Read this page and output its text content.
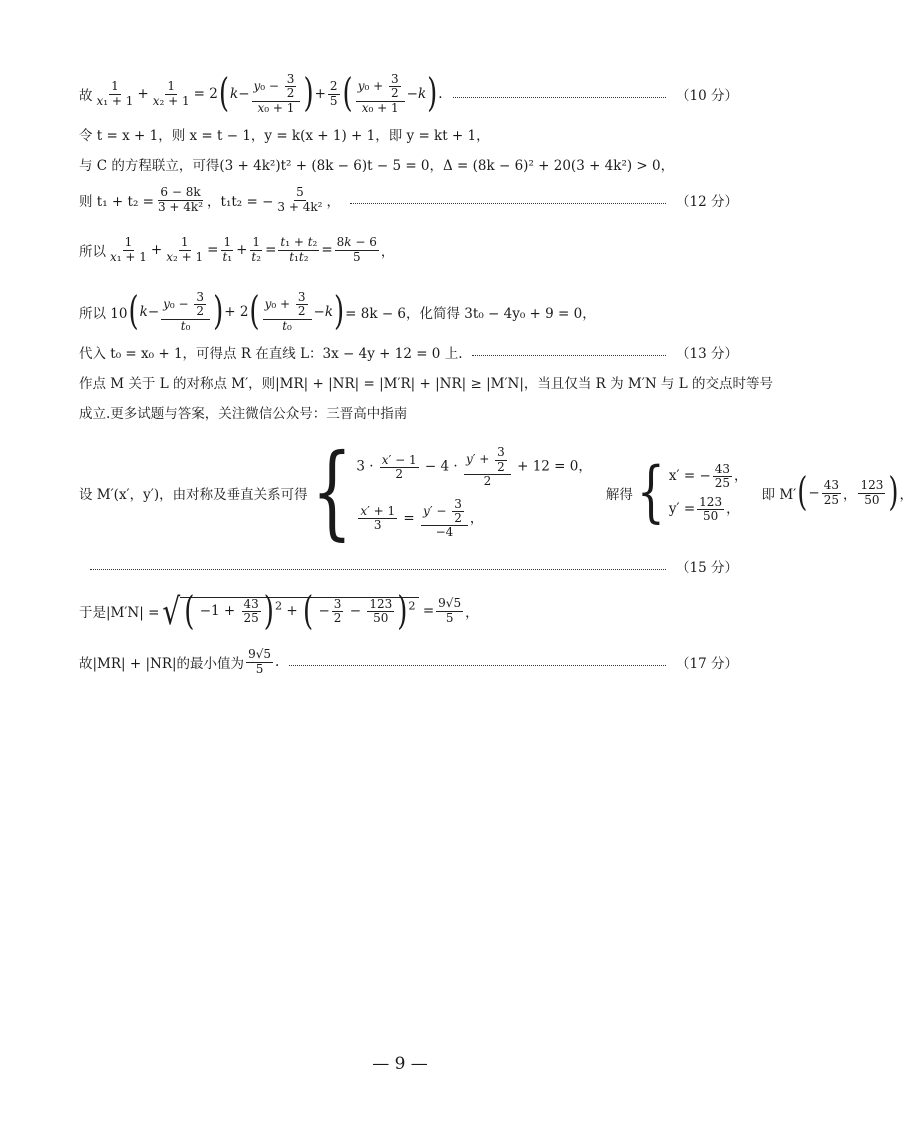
故 $\frac{1}{\text{x₁ + 1}} + \frac{1}{\text{x₂ + 1}} = 2$ ( $k - \frac{y_0 - \frac{3}{2}}{\text{x₀ + 1}}$ ) + $\frac{2}{5}$ ( $\frac{y_0 + \frac{3}{2}}{\text{x₀ + 1}} - k$ ) .	（10 分）
令 t = x + 1，则 x = t − 1，y = k(x + 1) + 1，即 y = kt + 1，
与 C 的方程联立，可得(3 + 4k²)t² + (8k − 6)t − 5 = 0，Δ = (8k − 6)² + 20(3 + 4k²) > 0，
则 $t_1 + t_2 = \frac{6 - 8k}{\text{3 + 4k²}}$ ，t₁t₂ = − $\frac{5}{\text{3 + 4k²}}$ ，	（12 分）
所以 $\frac{1}{\text{x₁ + 1}} + \frac{1}{\text{x₂ + 1}} = \frac{1}{\text{t₁}} + \frac{1}{\text{t₂}} = \frac{\text{t₁ + t₂}}{\text{t₁t₂}} = \frac{8k - 6}{5}$ ，
所以 10 ( $k - \frac{y_0 - \frac{3}{2}}{\text{t₀}}$ ) + 2 ( $\frac{y_0 + \frac{3}{2}}{\text{t₀}} - k$ ) = 8k − 6，化简得 3t₀ − 4y₀ + 9 = 0，
代入 t₀ = x₀ + 1，可得点 R 在直线 L：3x − 4y + 12 = 0 上.	（13 分）
作点 M 关于 L 的对称点 M′，则|MR| + |NR| = |M′R| + |NR| ≥ |M′N|，当且仅当 R 为 M′N 与 L 的交点时等号
成立.更多试题与答案，关注微信公众号：三晋高中指南
设 M′(x′，y′)，由对称及垂直关系可得 { $3 \cdot \frac{x' - 1}{2} - 4 \cdot \frac{y' + \frac{3}{2}}{2} + 12 = 0$，
$\frac{x' + 1}{3} = \frac{y' - \frac{3}{2}}{-4}$ ，
解得 { x′ = − $\frac{43}{25}$ ，
$y' = \frac{123}{50}$ ，
即 M′ ( − $\frac{43}{25}$ ， $\frac{123}{50}$ ) ，
（15 分）
于是|M′N| = √ ( $-1 + \frac{43}{25} )^2$ + ( − $\frac{3}{2} - \frac{123}{50} )^2 = \frac{9√5}{5}$ ，
故|MR| + |NR|的最小值为 $\frac{9√5}{5}$ .	（17 分）
— 9 —
